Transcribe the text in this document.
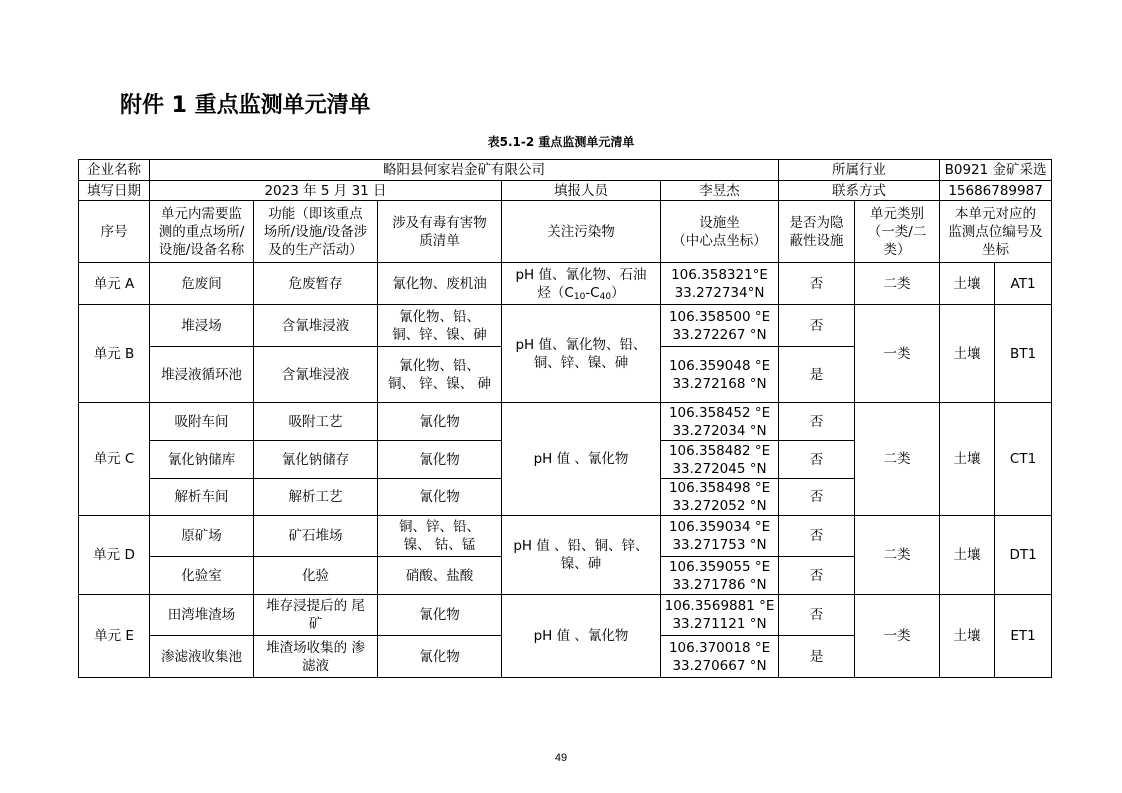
附件 1 重点监测单元清单
表5.1-2 重点监测单元清单
企业名称	略阳县何家岩金矿有限公司					所属行业		B0921 金矿采选	
填写日期	2023 年 5 月 31 日			填报人员	李昱杰	联系方式		15686789987	
序号	单元内需要监
测的重点场所/
设施/设备名称	功能（即该重点
场所/设施/设备涉
及的生产活动）	涉及有毒有害物
质清单	关注污染物	设施坐
（中心点坐标）	是否为隐
蔽性设施	单元类别
（一类/二
类）	本单元对应的
监测点位编号及
坐标	

单元 A	危废间	危废暂存	氰化物、废机油	pH 值、氰化物、石油
烃$(C_{10}-C_{40})$	106.358321°E
33.272734°N	否	二类	土壤	AT1
单元 B	堆浸场	含氰堆浸液	氰化物、铅、
铜、锌、镍、砷	pH 值、氰化物、铅、
铜、锌、镍、砷	106.358500 °E
33.272267 °N	否	一类	土壤	BT1
	堆浸液循环池	含氰堆浸液	氰化物、铅、
铜、 锌、镍、 砷		106.359048 °E
33.272168 °N	是			
单元 C	吸附车间	吸附工艺	氰化物	pH 值 、氰化物	106.358452 °E
33.272034 °N	否	二类	土壤	CT1
	氰化钠储库	氰化钠储存	氰化物		106.358482 °E
33.272045 °N	否			
	解析车间	解析工艺	氰化物		106.358498 °E
33.272052 °N	否			
单元 D	原矿场	矿石堆场	铜、锌、铅、
镍、 钴、锰	pH 值 、铅、铜、锌、
镍、砷	106.359034 °E
33.271753 °N	否	二类	土壤	DT1
	化验室	化验	硝酸、盐酸		106.359055 °E
33.271786 °N	否			
单元 E	田湾堆渣场	堆存浸提后的 尾
矿	氰化物	pH 值 、氰化物	106.3569881 °E
33.271121 °N	否	一类	土壤	ET1
	渗滤液收集池	堆渣场收集的 渗
滤液	氰化物		106.370018 °E
33.270667 °N	是			
49
